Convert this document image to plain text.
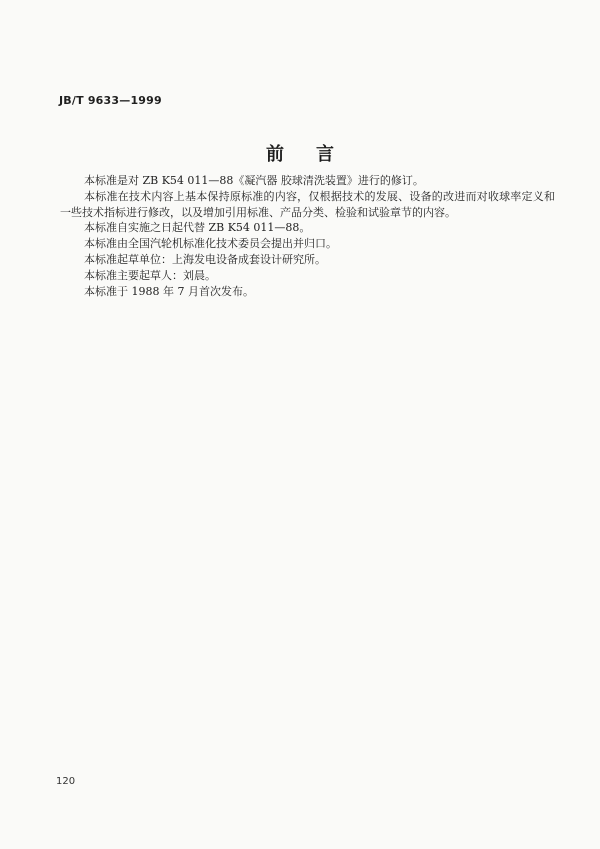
JB/T 9633—1999
前 言

本标准是对 ZB K54 011—88《凝汽器 胶球清洗装置》进行的修订。

本标准在技术内容上基本保持原标准的内容，仅根据技术的发展、设备的改进而对收球率定义和一些技术指标进行修改，以及增加引用标准、产品分类、检验和试验章节的内容。

本标准自实施之日起代替 ZB K54 011—88。

本标准由全国汽轮机标准化技术委员会提出并归口。

本标准起草单位：上海发电设备成套设计研究所。

本标准主要起草人：刘晨。

本标准于 1988 年 7 月首次发布。

120
